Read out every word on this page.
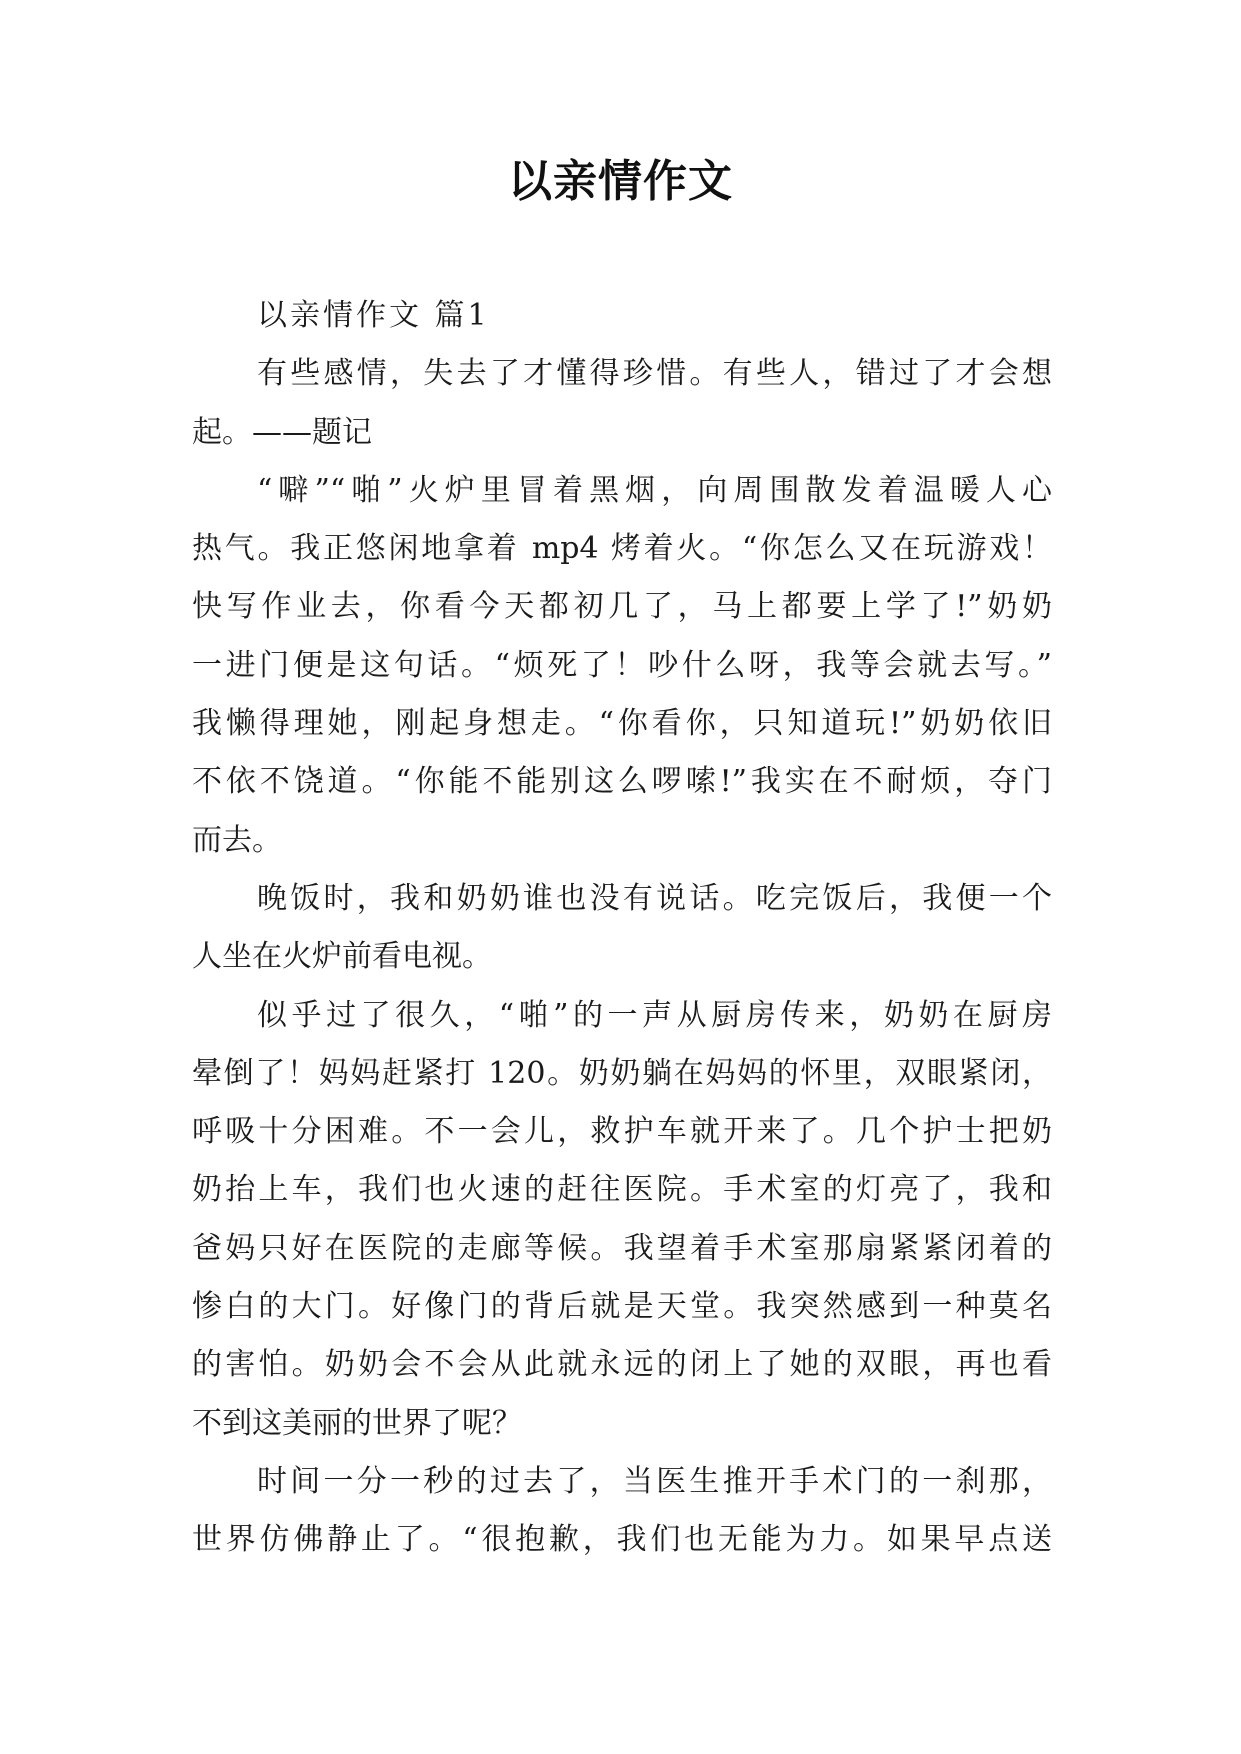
以亲情作文
以亲情作文 篇1
有些感情，失去了才懂得珍惜。有些人，错过了才会想
起。——题记
“噼”“啪”火炉里冒着黑烟，向周围散发着温暖人心
热气。我正悠闲地拿着 mp4 烤着火。“你怎么又在玩游戏！
快写作业去，你看今天都初几了，马上都要上学了!”奶奶
一进门便是这句话。“烦死了！吵什么呀，我等会就去写。”
我懒得理她，刚起身想走。“你看你，只知道玩!”奶奶依旧
不依不饶道。“你能不能别这么啰嗦!”我实在不耐烦，夺门
而去。
晚饭时，我和奶奶谁也没有说话。吃完饭后，我便一个
人坐在火炉前看电视。
似乎过了很久，“啪”的一声从厨房传来，奶奶在厨房
晕倒了！妈妈赶紧打 120。奶奶躺在妈妈的怀里，双眼紧闭，
呼吸十分困难。不一会儿，救护车就开来了。几个护士把奶
奶抬上车，我们也火速的赶往医院。手术室的灯亮了，我和
爸妈只好在医院的走廊等候。我望着手术室那扇紧紧闭着的
惨白的大门。好像门的背后就是天堂。我突然感到一种莫名
的害怕。奶奶会不会从此就永远的闭上了她的双眼，再也看
不到这美丽的世界了呢？
时间一分一秒的过去了，当医生推开手术门的一刹那，
世界仿佛静止了。“很抱歉，我们也无能为力。如果早点送
